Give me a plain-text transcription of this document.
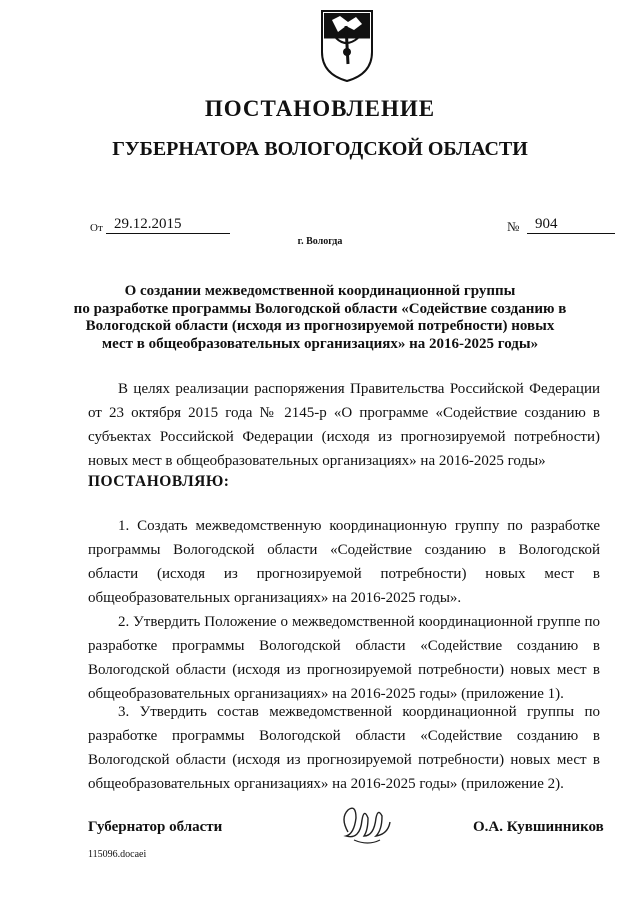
ПОСТАНОВЛЕНИЕ
ГУБЕРНАТОРА ВОЛОГОДСКОЙ ОБЛАСТИ
От 29.12.2015	№	904
г. Вологда
О создании межведомственной координационной группы
по разработке программы Вологодской области «Содействие созданию в
Вологодской области (исходя из прогнозируемой потребности) новых
мест в общеобразовательных организациях» на 2016-2025 годы»
В целях реализации распоряжения Правительства Российской Федерации от 23 октября 2015 года № 2145-р «О программе «Содействие созданию в субъектах Российской Федерации (исходя из прогнозируемой потребности) новых мест в общеобразовательных организациях» на 2016-2025 годы»
ПОСТАНОВЛЯЮ:
1. Создать межведомственную координационную группу по разработке программы Вологодской области «Содействие созданию в Вологодской области (исходя из прогнозируемой потребности) новых мест в общеобразовательных организациях» на 2016-2025 годы».
2. Утвердить Положение о межведомственной координационной группе по разработке программы Вологодской области «Содействие созданию в Вологодской области (исходя из прогнозируемой потребности) новых мест в общеобразовательных организациях» на 2016-2025 годы» (приложение 1).
3. Утвердить состав межведомственной координационной группы по разработке программы Вологодской области «Содействие созданию в Вологодской области (исходя из прогнозируемой потребности) новых мест в общеобразовательных организациях» на 2016-2025 годы» (приложение 2).
Губернатор области	О.А. Кувшинников
115096.docaei
